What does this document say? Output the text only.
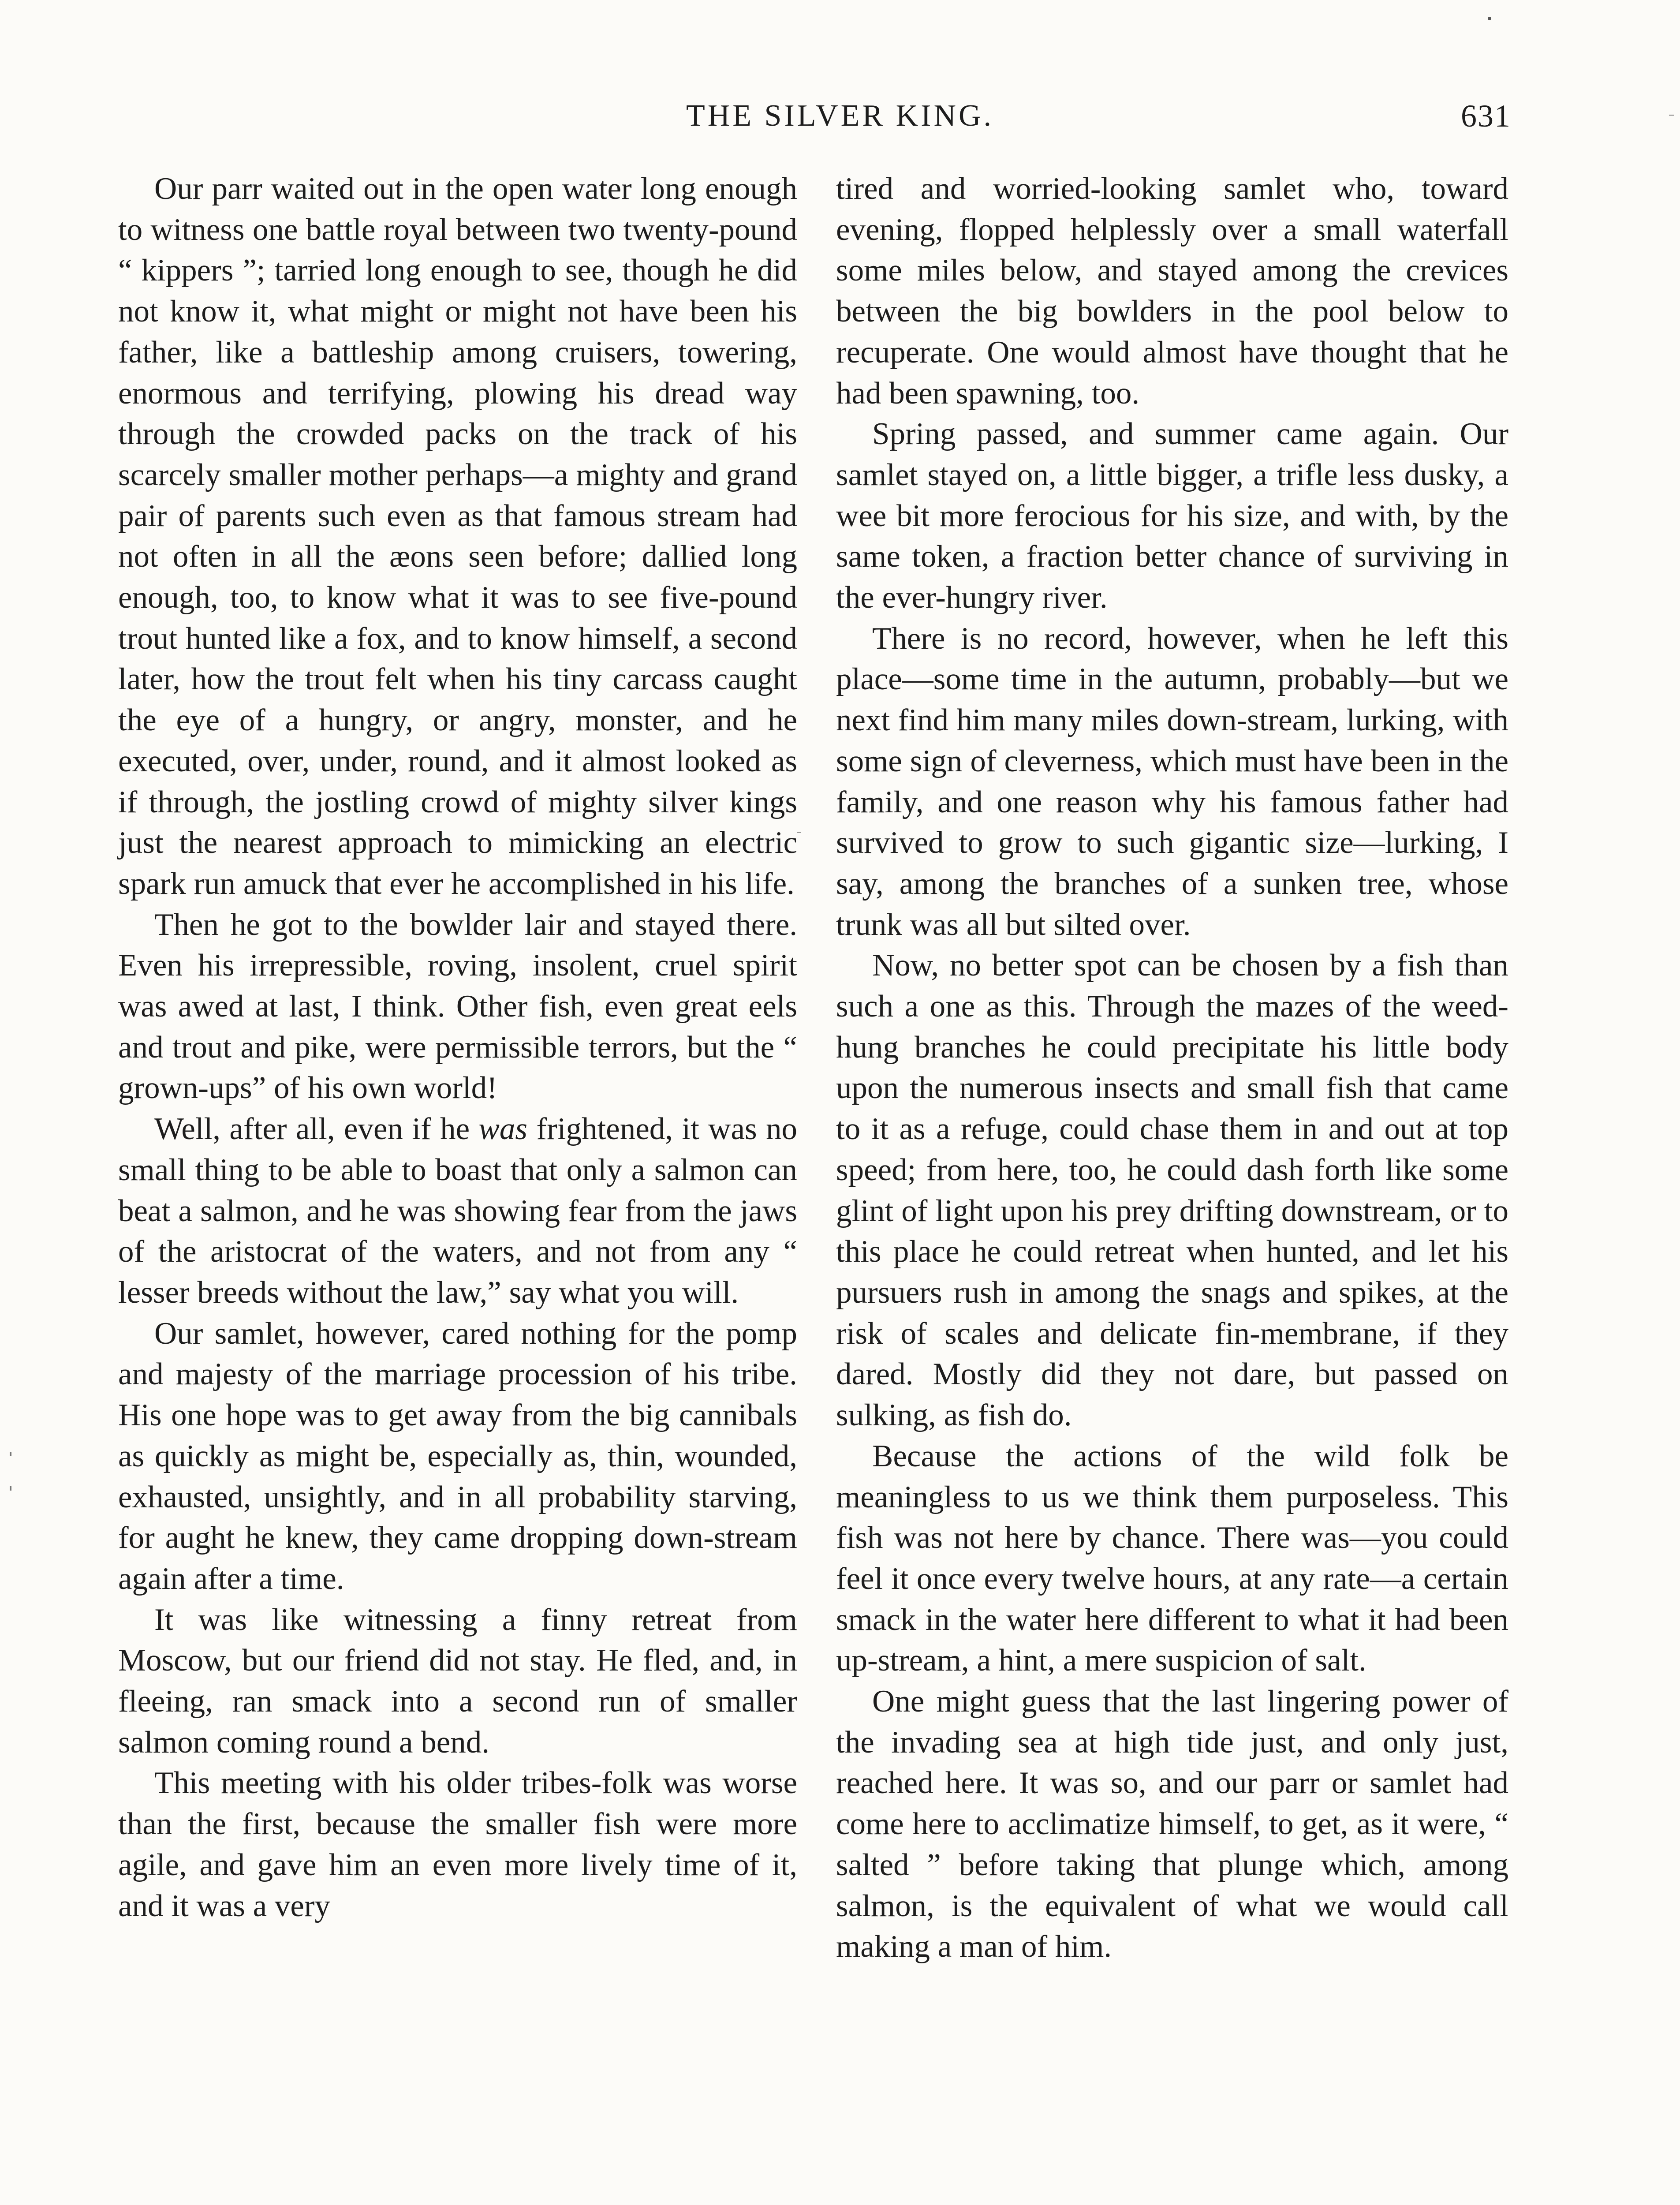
THE SILVER KING.	631

Our parr waited out in the open water long enough to witness one battle royal between two twenty-pound “ kippers ”; tarried long enough to see, though he did not know it, what might or might not have been his father, like a battleship among cruisers, towering, enormous and terrifying, plowing his dread way through the crowded packs on the track of his scarcely smaller mother perhaps—a mighty and grand pair of parents such even as that famous stream had not often in all the æons seen before; dallied long enough, too, to know what it was to see five-pound trout hunted like a fox, and to know himself, a second later, how the trout felt when his tiny carcass caught the eye of a hungry, or angry, monster, and he executed, over, under, round, and it almost looked as if through, the jostling crowd of mighty silver kings just the nearest approach to mimicking an electric spark run amuck that ever he accomplished in his life.

Then he got to the bowlder lair and stayed there. Even his irrepressible, roving, insolent, cruel spirit was awed at last, I think. Other fish, even great eels and trout and pike, were permissible terrors, but the “ grown-ups” of his own world!

Well, after all, even if he was frightened, it was no small thing to be able to boast that only a salmon can beat a salmon, and he was showing fear from the jaws of the aristocrat of the waters, and not from any “ lesser breeds without the law,” say what you will.

Our samlet, however, cared nothing for the pomp and majesty of the marriage procession of his tribe. His one hope was to get away from the big cannibals as quickly as might be, especially as, thin, wounded, exhausted, unsightly, and in all probability starving, for aught he knew, they came dropping down-stream again after a time.

It was like witnessing a finny retreat from Moscow, but our friend did not stay. He fled, and, in fleeing, ran smack into a second run of smaller salmon coming round a bend.

This meeting with his older tribes-folk was worse than the first, because the smaller fish were more agile, and gave him an even more lively time of it, and it was a very

tired and worried-looking samlet who, toward evening, flopped helplessly over a small waterfall some miles below, and stayed among the crevices between the big bowlders in the pool below to recuperate. One would almost have thought that he had been spawning, too.

Spring passed, and summer came again. Our samlet stayed on, a little bigger, a trifle less dusky, a wee bit more ferocious for his size, and with, by the same token, a fraction better chance of surviving in the ever-hungry river.

There is no record, however, when he left this place—some time in the autumn, probably—but we next find him many miles down-stream, lurking, with some sign of cleverness, which must have been in the family, and one reason why his famous father had survived to grow to such gigantic size—lurking, I say, among the branches of a sunken tree, whose trunk was all but silted over.

Now, no better spot can be chosen by a fish than such a one as this. Through the mazes of the weed-hung branches he could precipitate his little body upon the numerous insects and small fish that came to it as a refuge, could chase them in and out at top speed; from here, too, he could dash forth like some glint of light upon his prey drifting downstream, or to this place he could retreat when hunted, and let his pursuers rush in among the snags and spikes, at the risk of scales and delicate fin-membrane, if they dared. Mostly did they not dare, but passed on sulking, as fish do.

Because the actions of the wild folk be meaningless to us we think them purposeless. This fish was not here by chance. There was—you could feel it once every twelve hours, at any rate—a certain smack in the water here different to what it had been up-stream, a hint, a mere suspicion of salt.

One might guess that the last lingering power of the invading sea at high tide just, and only just, reached here. It was so, and our parr or samlet had come here to acclimatize himself, to get, as it were, “ salted ” before taking that plunge which, among salmon, is the equivalent of what we would call making a man of him.
